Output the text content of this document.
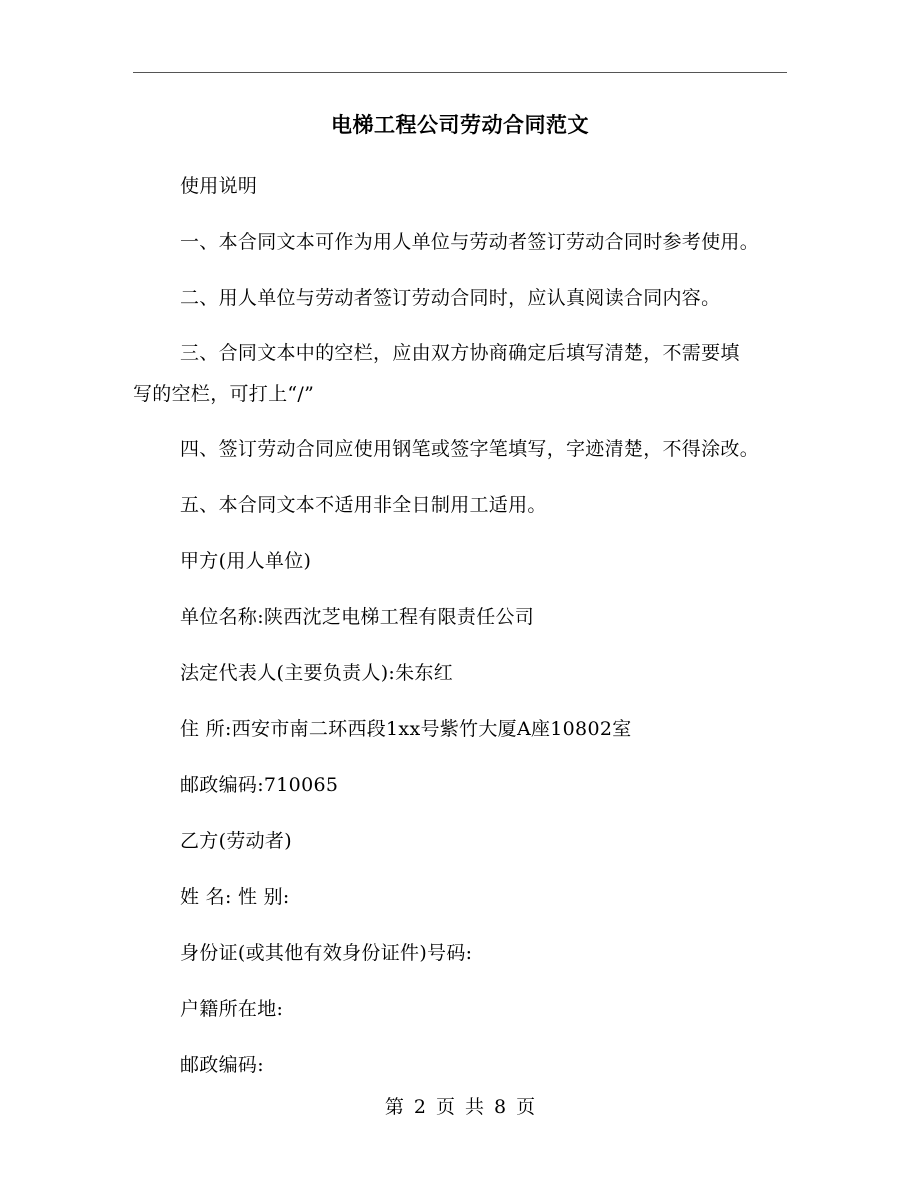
电梯工程公司劳动合同范文
使用说明
一、本合同文本可作为用人单位与劳动者签订劳动合同时参考使用。
二、用人单位与劳动者签订劳动合同时，应认真阅读合同内容。
三、合同文本中的空栏，应由双方协商确定后填写清楚，不需要填
写的空栏，可打上“/”
四、签订劳动合同应使用钢笔或签字笔填写，字迹清楚，不得涂改。
五、本合同文本不适用非全日制用工适用。
甲方(用人单位)
单位名称:陕西沈芝电梯工程有限责任公司
法定代表人(主要负责人):朱东红
住 所:西安市南二环西段1xx号紫竹大厦A座10802室
邮政编码:710065
乙方(劳动者)
姓 名: 性 别:
身份证(或其他有效身份证件)号码:
户籍所在地:
邮政编码:
第 2 页 共 8 页
